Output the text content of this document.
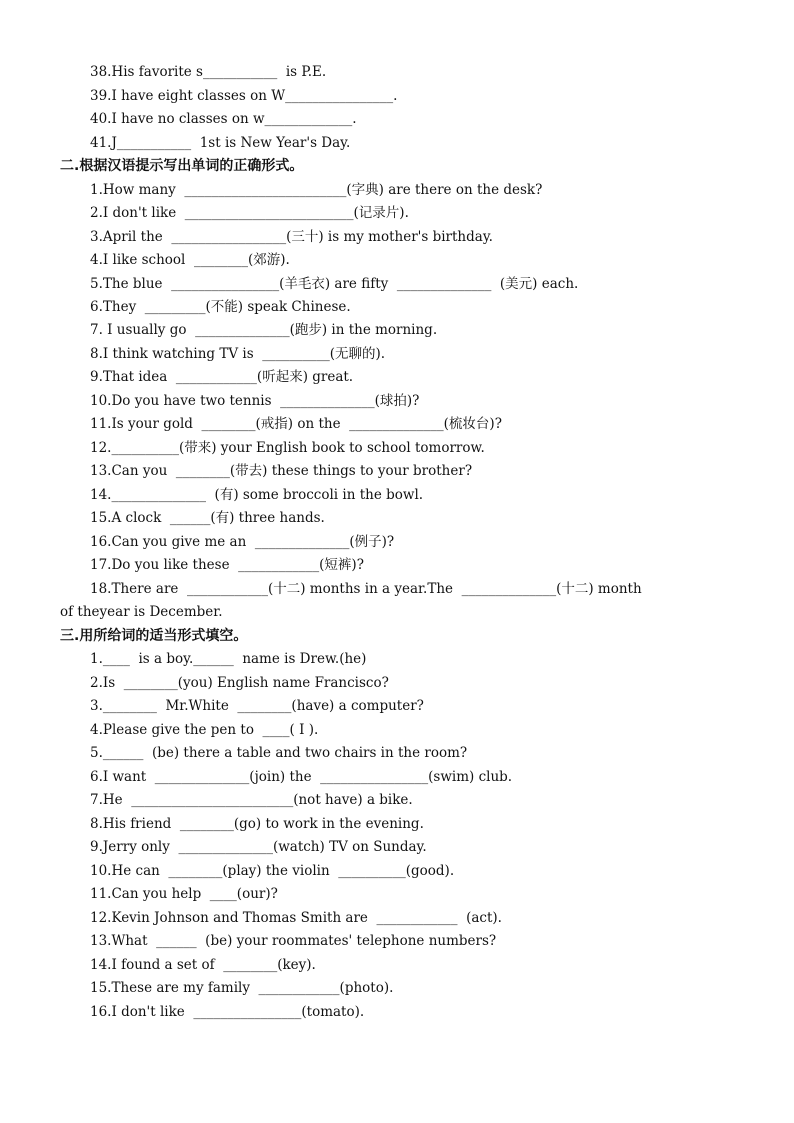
38.His favorite s___________  is P.E.
39.I have eight classes on W________________.
40.I have no classes on w_____________.
41.J___________  1st is New Year's Day.
二.根据汉语提示写出单词的正确形式。
1.How many  ________________________(字典) are there on the desk?
2.I don't like  _________________________(记录片).
3.April the  _________________(三十) is my mother's birthday.
4.I like school  ________(郊游).
5.The blue  ________________(羊毛衣) are fifty  ______________  (美元) each.
6.They  _________(不能) speak Chinese.
7. I usually go  ______________(跑步) in the morning.
8.I think watching TV is  __________(无聊的).
9.That idea  ____________(听起来) great.
10.Do you have two tennis  ______________(球拍)?
11.Is your gold  ________(戒指) on the  ______________(梳妆台)?
12.__________(带来) your English book to school tomorrow.
13.Can you  ________(带去) these things to your brother?
14.______________  (有) some broccoli in the bowl.
15.A clock  ______(有) three hands.
16.Can you give me an  ______________(例子)?
17.Do you like these  ____________(短裤)?
18.There are  ____________(十二) months in a year.The  ______________(十二) month
of theyear is December.
三.用所给词的适当形式填空。
1.____  is a boy.______  name is Drew.(he)
2.Is  ________(you) English name Francisco?
3.________  Mr.White  ________(have) a computer?
4.Please give the pen to  ____( I ).
5.______  (be) there a table and two chairs in the room?
6.I want  ______________(join) the  ________________(swim) club.
7.He  ________________________(not have) a bike.
8.His friend  ________(go) to work in the evening.
9.Jerry only  ______________(watch) TV on Sunday.
10.He can  ________(play) the violin  __________(good).
11.Can you help  ____(our)?
12.Kevin Johnson and Thomas Smith are  ____________  (act).
13.What  ______  (be) your roommates' telephone numbers?
14.I found a set of  ________(key).
15.These are my family  ____________(photo).
16.I don't like  ________________(tomato).
